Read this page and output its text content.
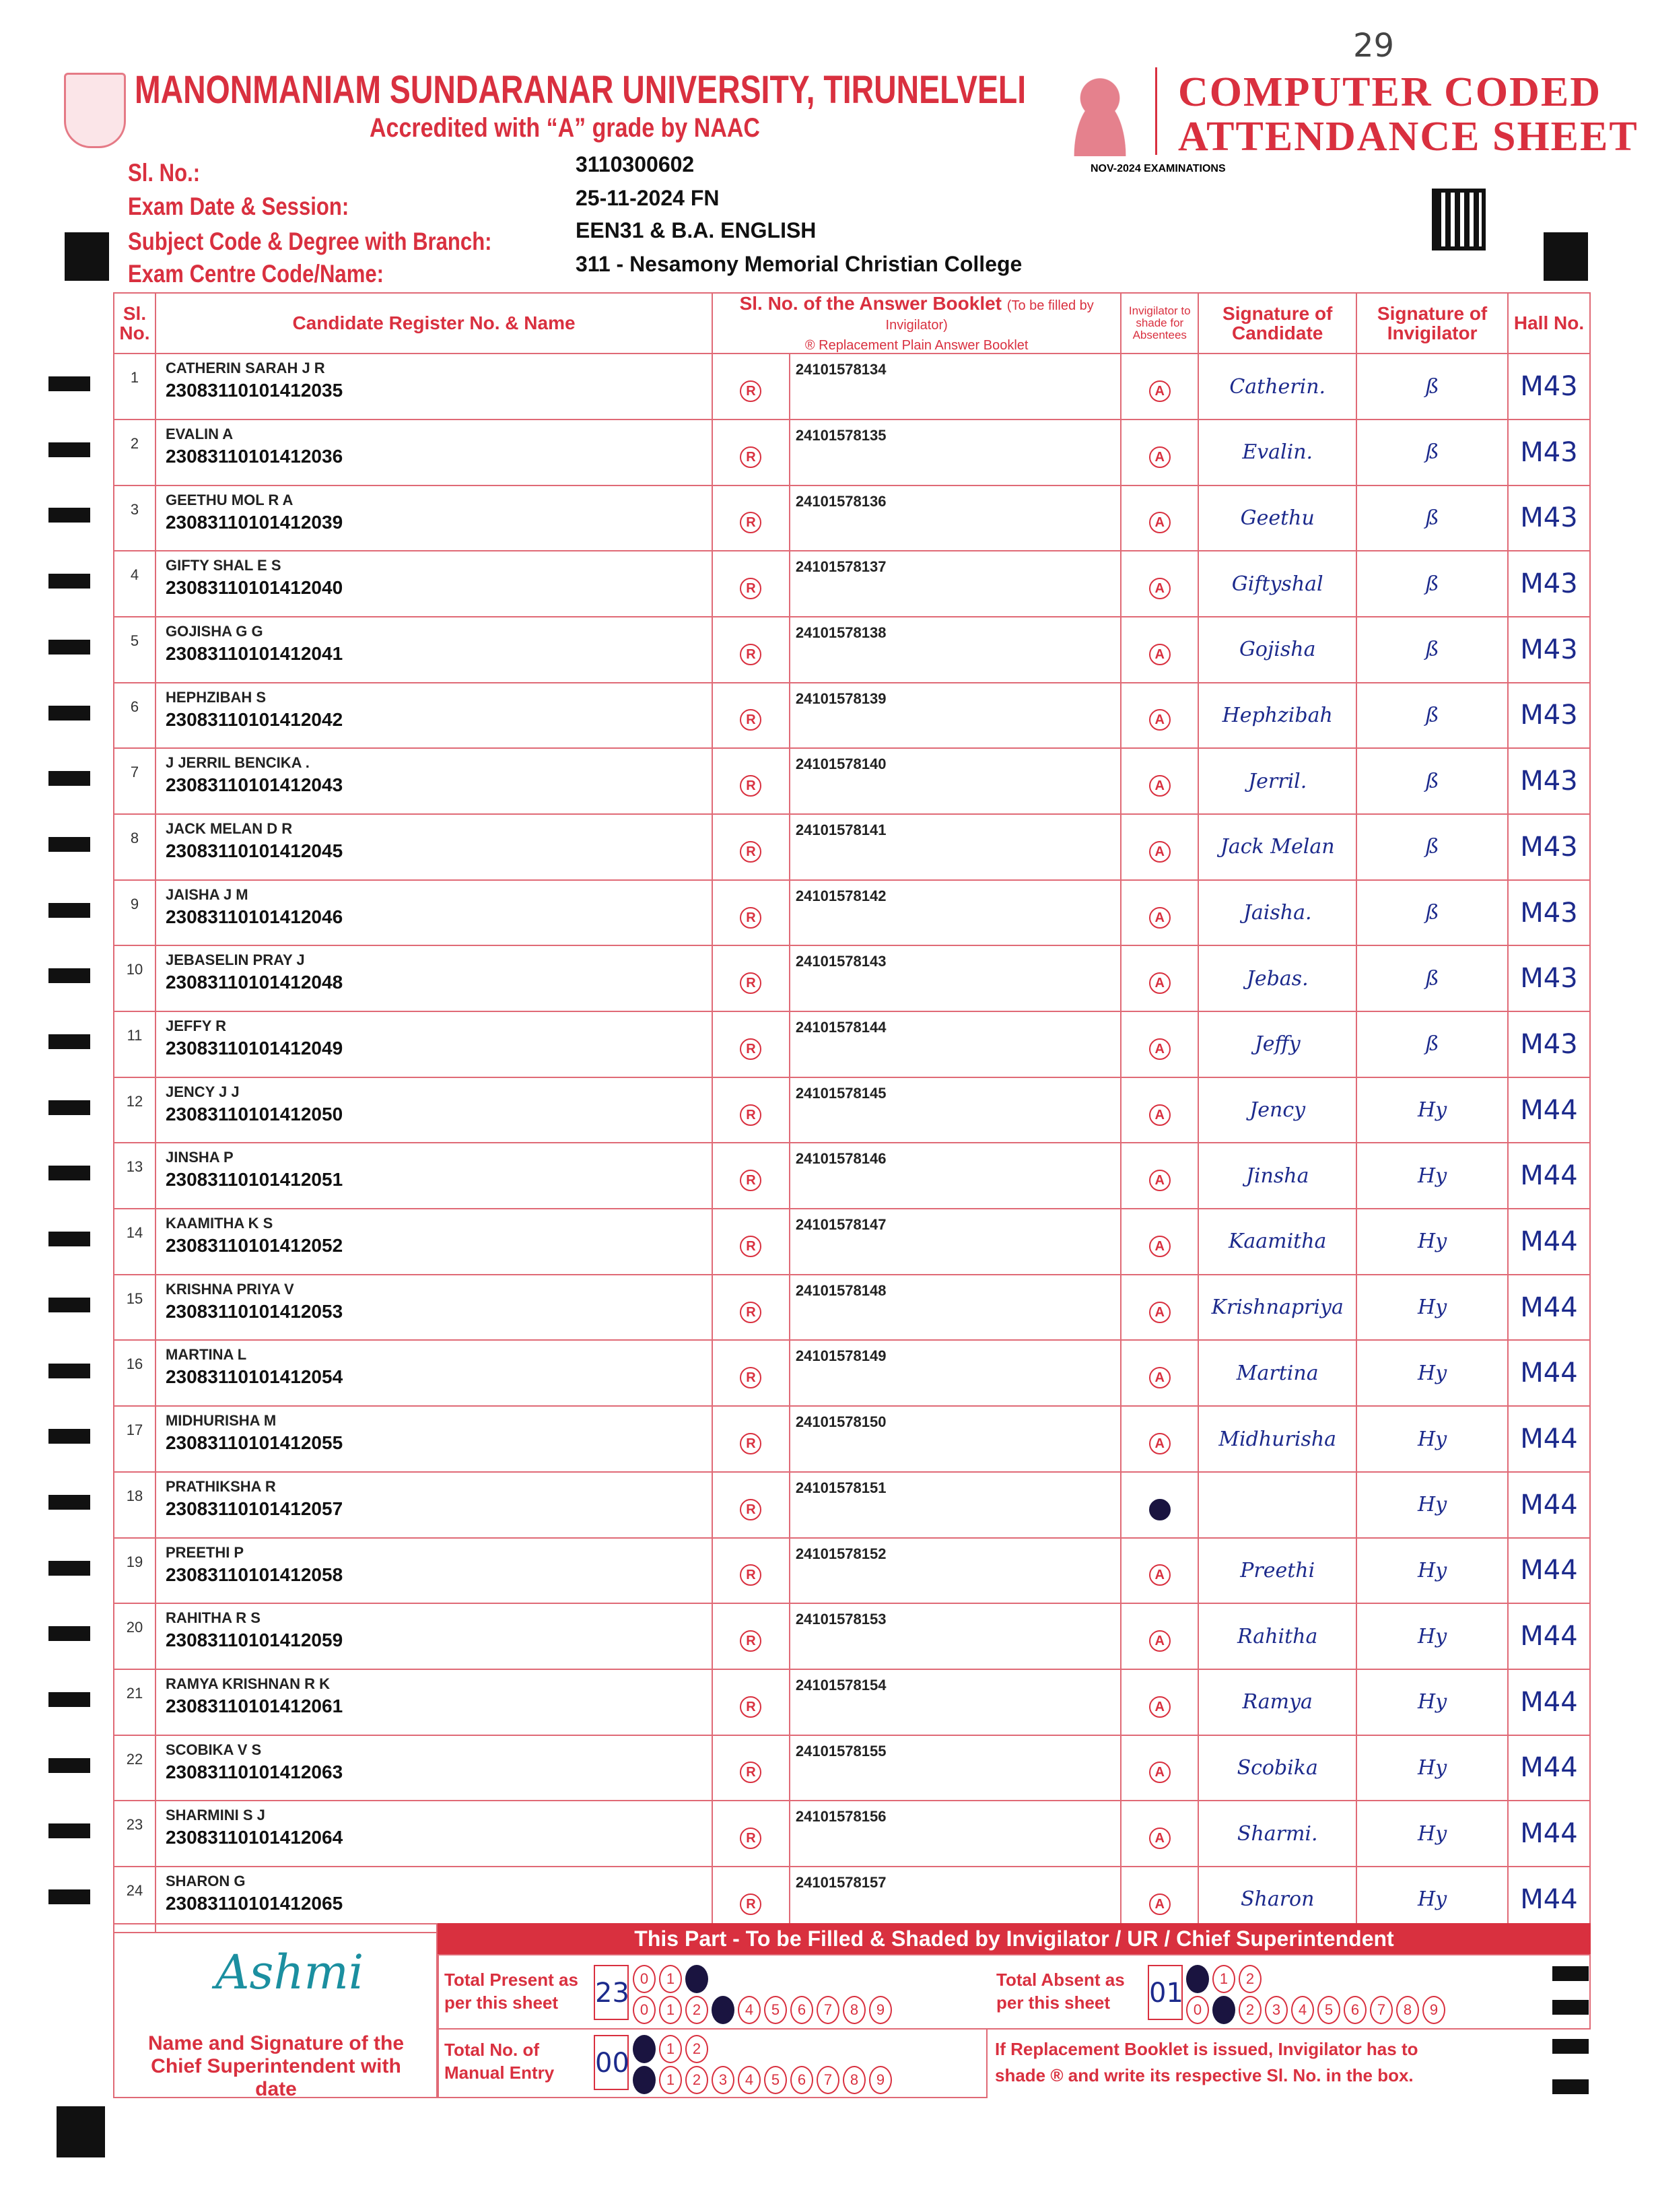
29
MANONMANIAM SUNDARANAR UNIVERSITY, TIRUNELVELI
Accredited with “A” grade by NAAC
COMPUTER CODED
ATTENDANCE SHEET
NOV-2024 EXAMINATIONS
Sl. No.:	3110300602
Exam Date & Session:	25-11-2024 FN
Subject Code & Degree with Branch:	EEN31 & B.A. ENGLISH
Exam Centre Code/Name:	311 - Nesamony Memorial Christian College
Sl. No.	Candidate Register No. & Name	Sl. No. of the Answer Booklet (To be filled by Invigilator)
® Replacement Plain Answer Booklet		Invigilator to shade for Absentees	Signature of Candidate	Signature of Invigilator	Hall No.
1	CATHERIN SARAH J R
23083110101412035	R	24101578134	A	Catherin.	ß	M43
2	EVALIN A
23083110101412036	R	24101578135	A	Evalin.	ß	M43
3	GEETHU MOL R A
23083110101412039	R	24101578136	A	Geethu	ß	M43
4	GIFTY SHAL E S
23083110101412040	R	24101578137	A	Giftyshal	ß	M43
5	GOJISHA G G
23083110101412041	R	24101578138	A	Gojisha	ß	M43
6	HEPHZIBAH S
23083110101412042	R	24101578139	A	Hephzibah	ß	M43
7	J JERRIL BENCIKA .
23083110101412043	R	24101578140	A	Jerril.	ß	M43
8	JACK MELAN D R
23083110101412045	R	24101578141	A	Jack Melan	ß	M43
9	JAISHA J M
23083110101412046	R	24101578142	A	Jaisha.	ß	M43
10	JEBASELIN PRAY J
23083110101412048	R	24101578143	A	Jebas.	ß	M43
11	JEFFY R
23083110101412049	R	24101578144	A	Jeffy	ß	M43
12	JENCY J J
23083110101412050	R	24101578145	A	Jency	Hy	M44
13	JINSHA P
23083110101412051	R	24101578146	A	Jinsha	Hy	M44
14	KAAMITHA K S
23083110101412052	R	24101578147	A	Kaamitha	Hy	M44
15	KRISHNA PRIYA V
23083110101412053	R	24101578148	A	Krishnapriya	Hy	M44
16	MARTINA L
23083110101412054	R	24101578149	A	Martina	Hy	M44
17	MIDHURISHA M
23083110101412055	R	24101578150	A	Midhurisha	Hy	M44
18	PRATHIKSHA R
23083110101412057	R	24101578151			Hy	M44
19	PREETHI P
23083110101412058	R	24101578152	A	Preethi	Hy	M44
20	RAHITHA R S
23083110101412059	R	24101578153	A	Rahitha	Hy	M44
21	RAMYA KRISHNAN R K
23083110101412061	R	24101578154	A	Ramya	Hy	M44
22	SCOBIKA V S
23083110101412063	R	24101578155	A	Scobika	Hy	M44
23	SHARMINI S J
23083110101412064	R	24101578156	A	Sharmi.	Hy	M44
24	SHARON G
23083110101412065	R	24101578157	A	Sharon	Hy	M44
This Part - To be Filled & Shaded by Invigilator / UR / Chief Superintendent
Ashmi
Name and Signature of the Chief Superintendent with date
Total Present as per this sheet	23 0	1
0	1	2	4	5	6	7	8	9
Total Absent as per this sheet	01	1	2
0	2	3	4	5	6	7	8	9
Total No. of Manual Entry	00	1	2
1	2	3	4	5	6	7	8	9
If Replacement Booklet is issued, Invigilator has to shade ® and write its respective Sl. No. in the box.
